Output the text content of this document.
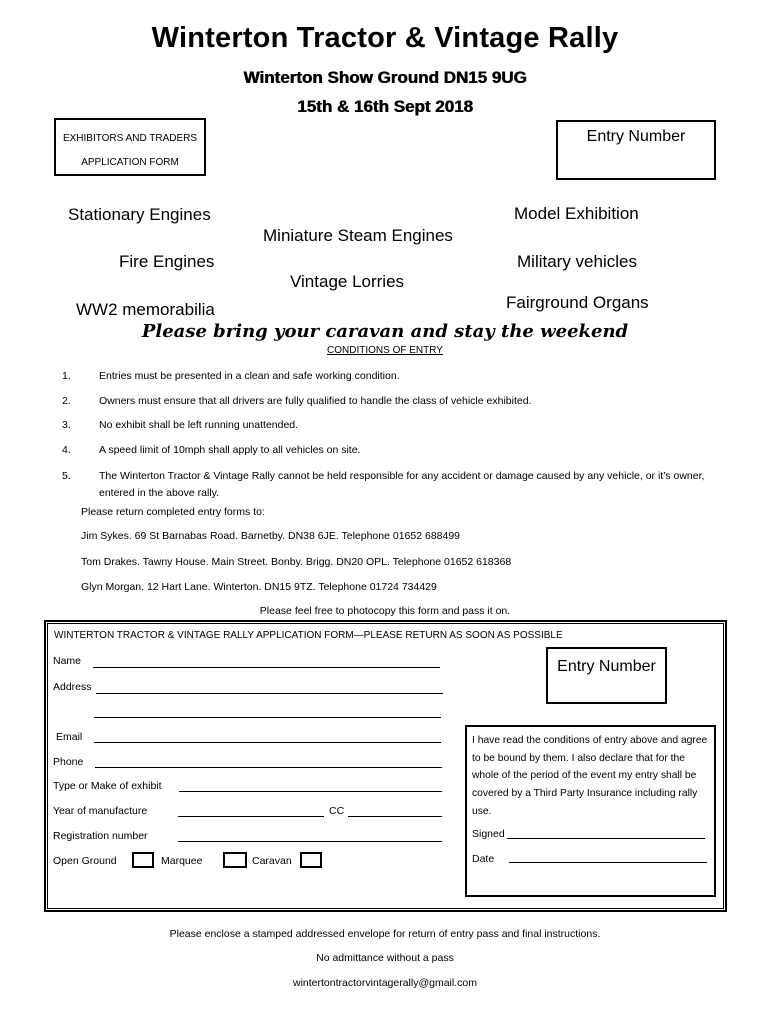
Winterton Tractor & Vintage Rally
Winterton Show Ground DN15 9UG
15th & 16th Sept 2018
EXHIBITORS AND TRADERS
APPLICATION FORM
Entry Number
Stationary Engines
Miniature Steam Engines
Model Exhibition
Fire Engines
Vintage Lorries
Military vehicles
WW2 memorabilia	Fairground Organs
Please bring your caravan and stay the weekend
CONDITIONS OF ENTRY
1.	Entries must be presented in a clean and safe working condition.
2.	Owners must ensure that all drivers are fully qualified to handle the class of vehicle exhibited.
3.	No exhibit shall be left running unattended.
4.	A speed limit of 10mph shall apply to all vehicles on site.
5.	The Winterton Tractor & Vintage Rally cannot be held responsible for any accident or damage caused by any vehicle, or it’s owner, entered in the above rally.
Please return completed entry forms to:
Jim Sykes. 69 St Barnabas Road. Barnetby. DN38 6JE. Telephone 01652 688499
Tom Drakes. Tawny House. Main Street. Bonby. Brigg. DN20 OPL. Telephone 01652 618368
Glyn Morgan. 12 Hart Lane. Winterton. DN15 9TZ. Telephone 01724 734429
Please feel free to photocopy this form and pass it on.
WINTERTON TRACTOR & VINTAGE RALLY APPLICATION FORM—PLEASE RETURN AS SOON AS POSSIBLE
Name
Address
Email
Phone
Type or Make of exhibit
Year of manufacture	CC
Registration number
Open Ground	Marquee	Caravan
Entry Number
I have read the conditions of entry above and agree to be bound by them. I also declare that for the whole of the period of the event my entry shall be covered by a Third Party Insurance including rally use.
Signed
Date
Please enclose a stamped addressed envelope for return of entry pass and final instructions.
No admittance without a pass
wintertontractorvintagerally@gmail.com
